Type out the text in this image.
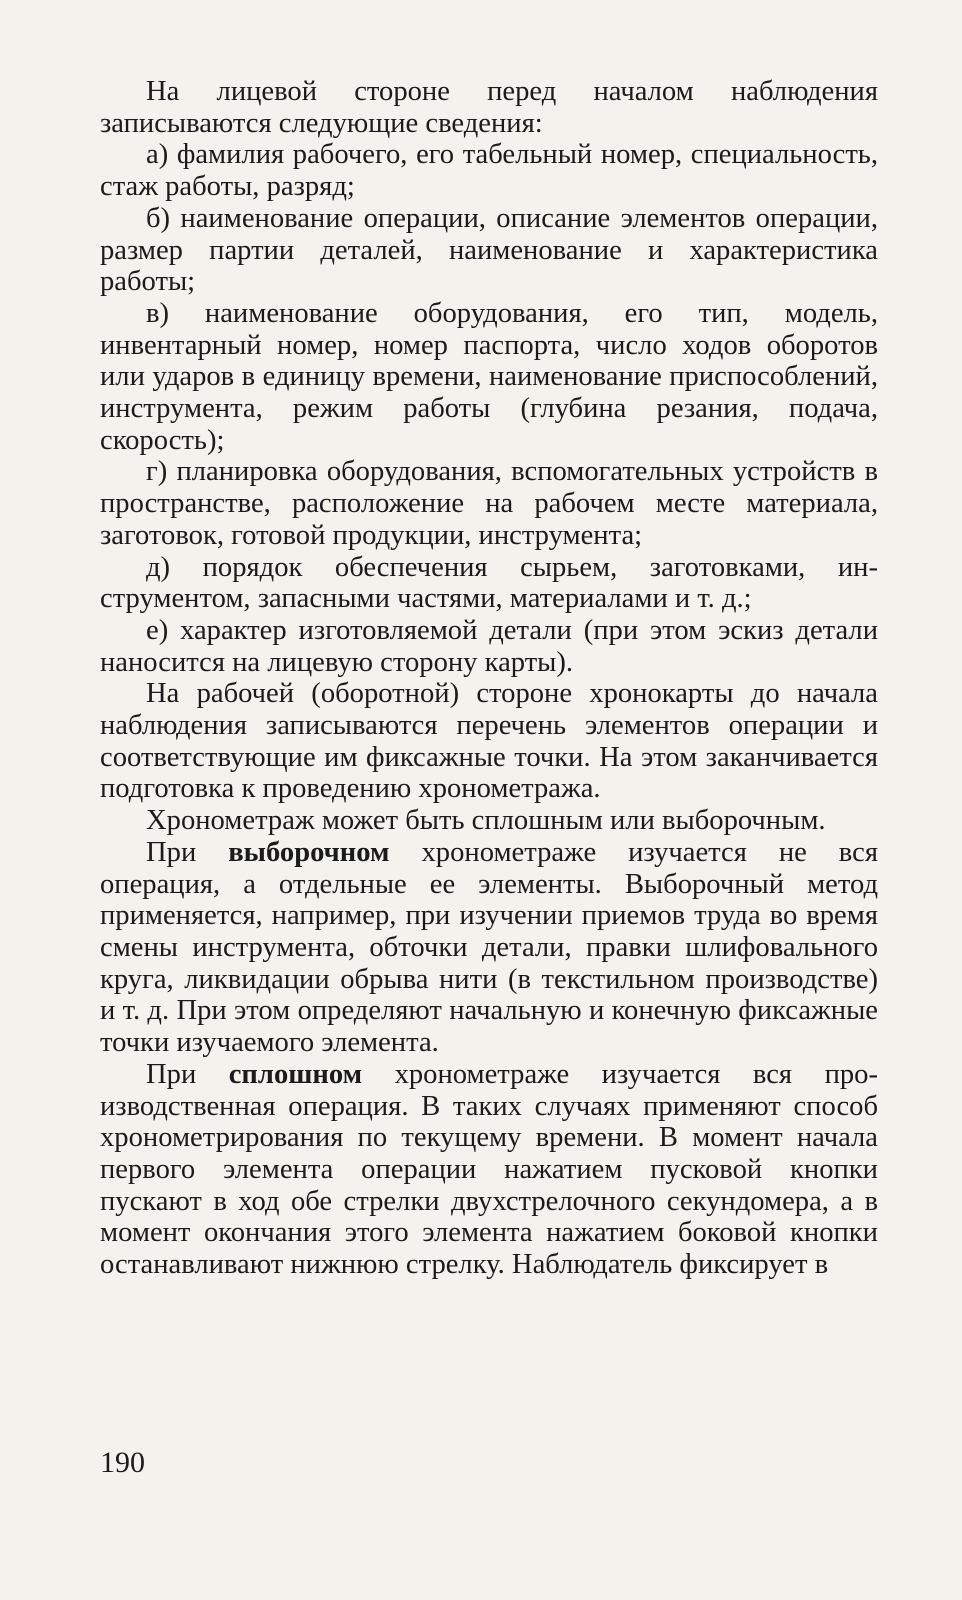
На лицевой стороне перед началом наблюдения записываются следующие сведения:

а) фамилия рабочего, его табельный номер, специальность, стаж работы, разряд;

б) наименование операции, описание элементов операции, размер партии деталей, наименование и характеристика работы;

в) наименование оборудования, его тип, модель, инвентарный номер, номер паспорта, число ходов оборотов или ударов в единицу времени, наименование приспособлений, инструмента, режим работы (глубина резания, подача, скорость);

г) планировка оборудования, вспомогательных устройств в пространстве, расположение на рабочем месте материала, заготовок, готовой продукции, инструмента;

д) порядок обеспечения сырьем, заготовками, инструментом, запасными частями, материалами и т. д.;

е) характер изготовляемой детали (при этом эскиз детали наносится на лицевую сторону карты).

На рабочей (оборотной) стороне хронокарты до начала наблюдения записываются перечень элементов операции и соответствующие им фиксажные точки. На этом заканчивается подготовка к проведению хронометража.

Хронометраж может быть сплошным или выборочным.

При выборочном хронометраже изучается не вся операция, а отдельные ее элементы. Выборочный метод применяется, например, при изучении приемов труда во время смены инструмента, обточки детали, правки шлифовального круга, ликвидации обрыва нити (в текстильном производстве) и т. д. При этом определяют начальную и конечную фиксажные точки изучаемого элемента.

При сплошном хронометраже изучается вся производственная операция. В таких случаях применяют способ хронометрирования по текущему времени. В момент начала первого элемента операции нажатием пусковой кнопки пускают в ход обе стрелки двухстрелочного секундомера, а в момент окончания этого элемента нажатием боковой кнопки останавливают нижнюю стрелку. Наблюдатель фиксирует в

190
